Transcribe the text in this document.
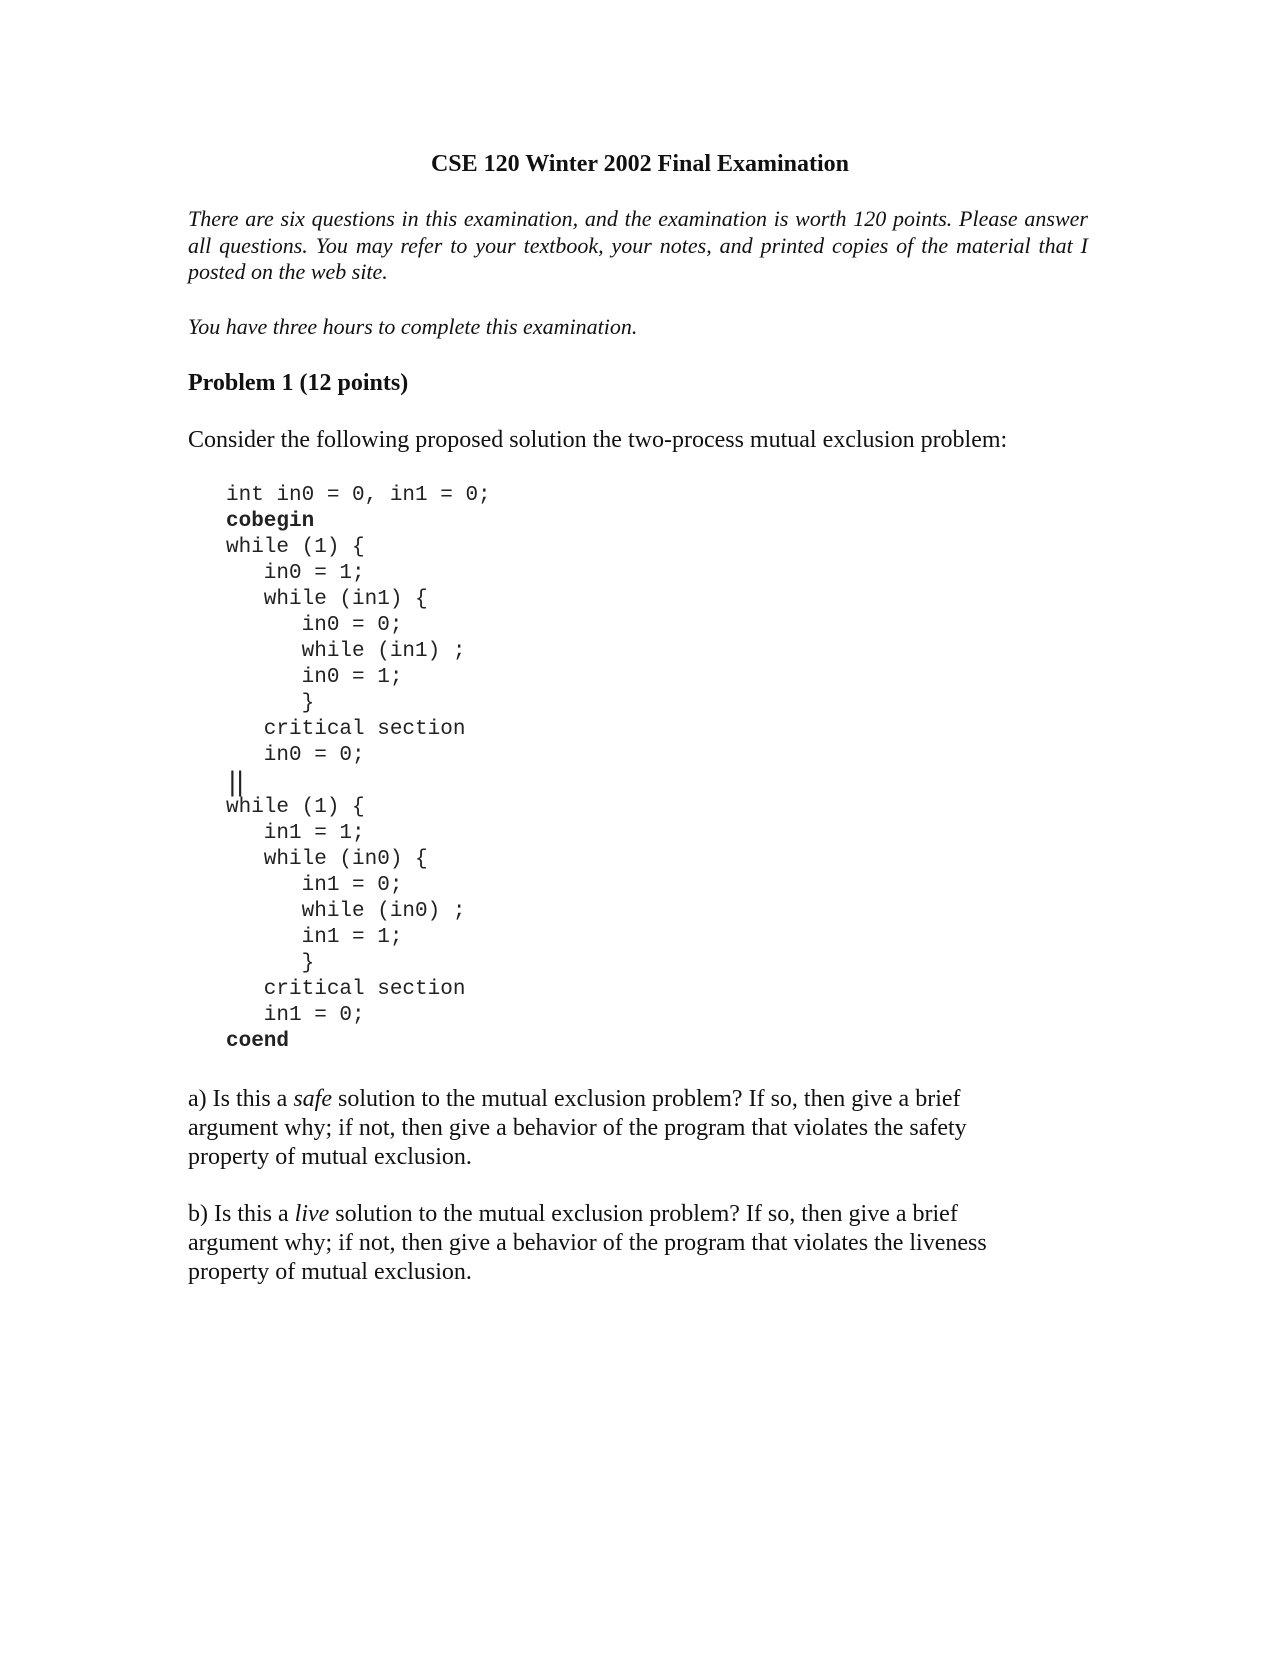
CSE 120 Winter 2002 Final Examination
There are six questions in this examination, and the examination is worth 120 points. Please answer all questions. You may refer to your textbook, your notes, and printed copies of the material that I posted on the web site.
You have three hours to complete this examination.
Problem 1 (12 points)
Consider the following proposed solution the two-process mutual exclusion problem:
int in0 = 0, in1 = 0;
cobegin
while (1) {
in0 = 1;
while (in1) {
in0 = 0;
while (in1) ;
in0 = 1;
}
critical section
in0 = 0;
||
while (1) {
in1 = 1;
while (in0) {
in1 = 0;
while (in0) ;
in1 = 1;
}
critical section
in1 = 0;
coend
a) Is this a safe solution to the mutual exclusion problem? If so, then give a brief argument why; if not, then give a behavior of the program that violates the safety property of mutual exclusion.
b) Is this a live solution to the mutual exclusion problem? If so, then give a brief argument why; if not, then give a behavior of the program that violates the liveness property of mutual exclusion.
